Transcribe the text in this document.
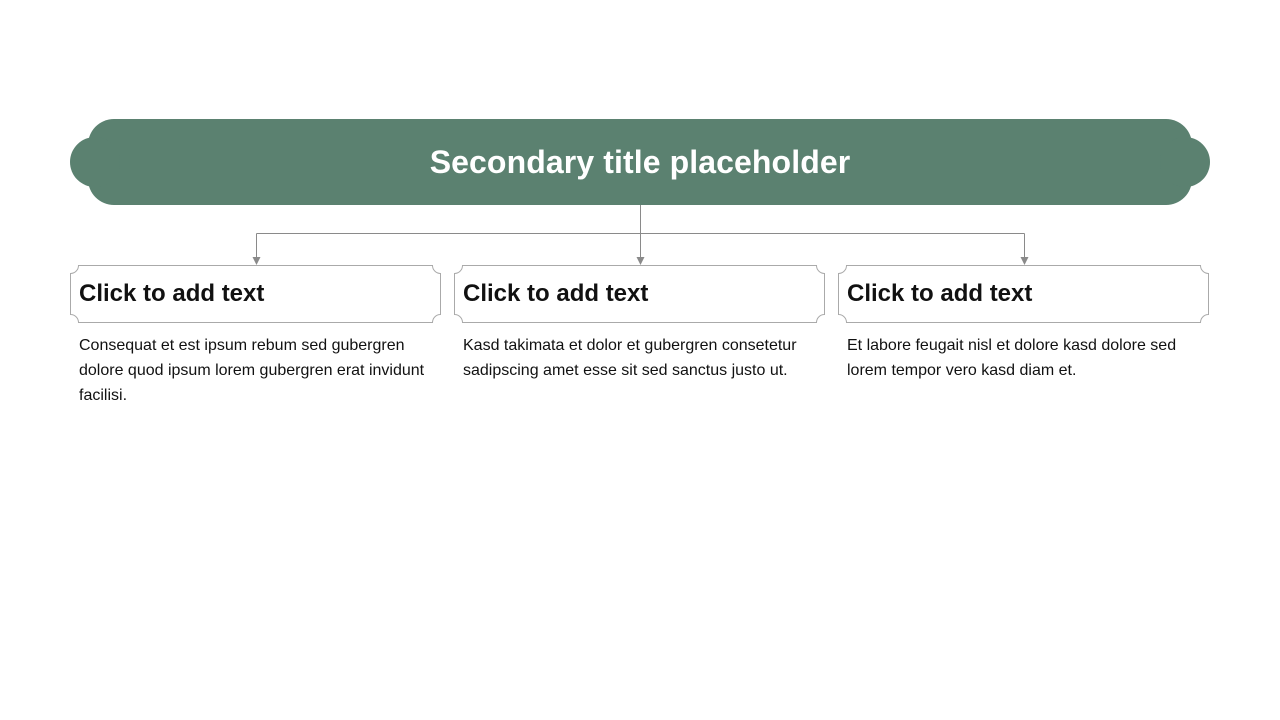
Secondary title placeholder
Click to add text	Click to add text	Click to add text
Consequat et est ipsum rebum sed gubergren dolore quod ipsum lorem gubergren erat invidunt facilisi.
Kasd takimata et dolor et gubergren consetetur sadipscing amet esse sit sed sanctus justo ut.
Et labore feugait nisl et dolore kasd dolore sed lorem tempor vero kasd diam et.
